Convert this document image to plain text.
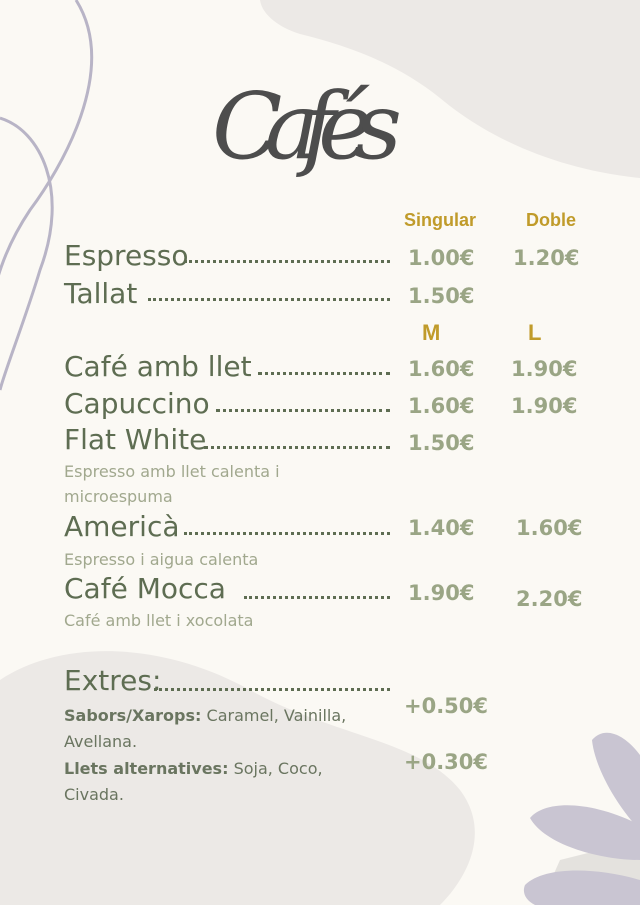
Cafés
Singular	Doble
M	L
Espresso	1.00€ 1.20€
Tallat	1.50€
Café amb llet	1.60€ 1.90€
Capuccino	1.60€ 1.90€
Flat White	1.50€
Espresso amb llet calenta i microespuma
Americà	1.40€ 1.60€
Espresso i aigua calenta
Café Mocca	1.90€ 2.20€
Café amb llet i xocolata
Extres:
Sabors/Xarops: Caramel, Vainilla, Avellana.
+0.50€
Llets alternatives: Soja, Coco, Civada.
+0.30€
